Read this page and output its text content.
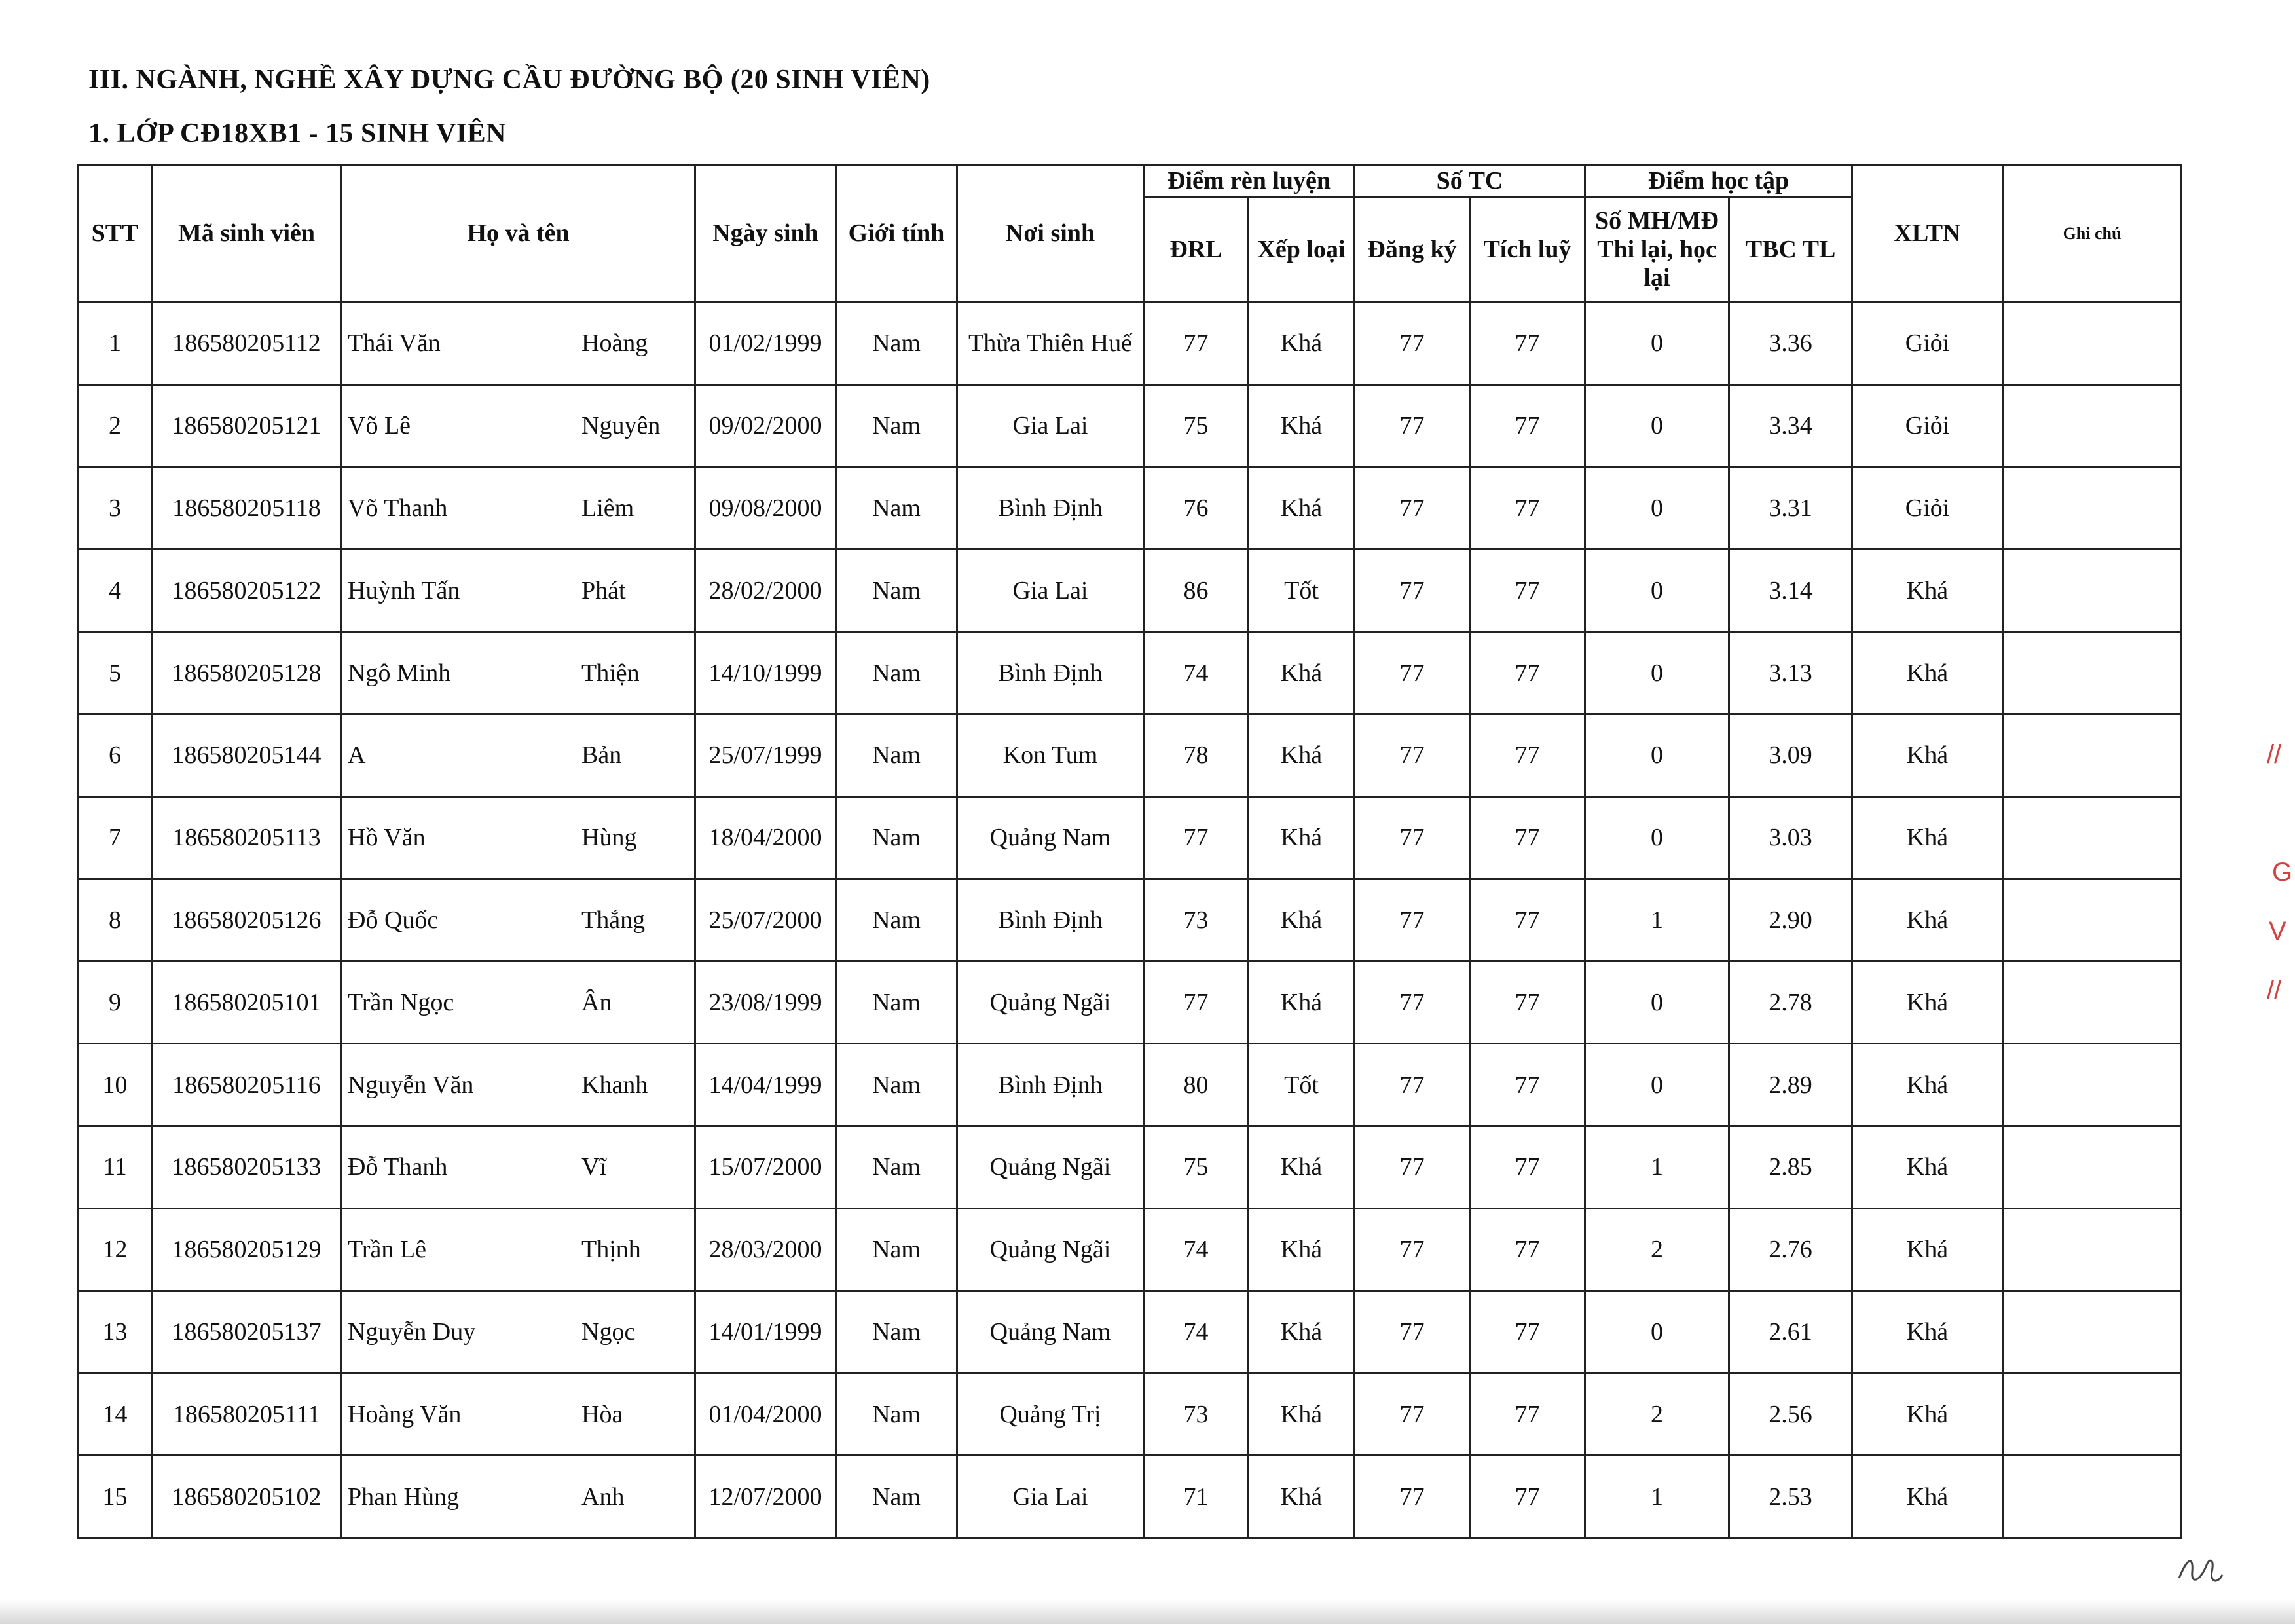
III. NGÀNH, NGHỀ XÂY DỰNG CẦU ĐƯỜNG BỘ (20 SINH VIÊN)
1. LỚP CĐ18XB1 - 15 SINH VIÊN
STT	Mã sinh viên	Họ và tên	Ngày sinh	Giới tính	Nơi sinh	Điểm rèn luyện		Số TC		Điểm học tập		XLTN	Ghi chú
						ĐRL	Xếp loại	Đăng ký	Tích luỹ	Số MH/MĐ Thi lại, học lại	TBC TL		
1	186580205112	Thái Văn Hoàng	01/02/1999	Nam	Thừa Thiên Huế	77	Khá	77	77	0	3.36	Giỏi	
2	186580205121	Võ Lê Nguyên	09/02/2000	Nam	Gia Lai	75	Khá	77	77	0	3.34	Giỏi	
3	186580205118	Võ Thanh Liêm	09/08/2000	Nam	Bình Định	76	Khá	77	77	0	3.31	Giỏi	
4	186580205122	Huỳnh Tấn Phát	28/02/2000	Nam	Gia Lai	86	Tốt	77	77	0	3.14	Khá	
5	186580205128	Ngô Minh Thiện	14/10/1999	Nam	Bình Định	74	Khá	77	77	0	3.13	Khá	
6	186580205144	A Bản	25/07/1999	Nam	Kon Tum	78	Khá	77	77	0	3.09	Khá	
7	186580205113	Hồ Văn Hùng	18/04/2000	Nam	Quảng Nam	77	Khá	77	77	0	3.03	Khá	
8	186580205126	Đỗ Quốc Thắng	25/07/2000	Nam	Bình Định	73	Khá	77	77	1	2.90	Khá	
9	186580205101	Trần Ngọc Ân	23/08/1999	Nam	Quảng Ngãi	77	Khá	77	77	0	2.78	Khá	
10	186580205116	Nguyễn Văn Khanh	14/04/1999	Nam	Bình Định	80	Tốt	77	77	0	2.89	Khá	
11	186580205133	Đỗ Thanh Vĩ	15/07/2000	Nam	Quảng Ngãi	75	Khá	77	77	1	2.85	Khá	
12	186580205129	Trần Lê Thịnh	28/03/2000	Nam	Quảng Ngãi	74	Khá	77	77	2	2.76	Khá	
13	186580205137	Nguyễn Duy Ngọc	14/01/1999	Nam	Quảng Nam	74	Khá	77	77	0	2.61	Khá	
14	186580205111	Hoàng Văn Hòa	01/04/2000	Nam	Quảng Trị	73	Khá	77	77	2	2.56	Khá	
15	186580205102	Phan Hùng Anh	12/07/2000	Nam	Gia Lai	71	Khá	77	77	1	2.53	Khá	
//
G
V
//
